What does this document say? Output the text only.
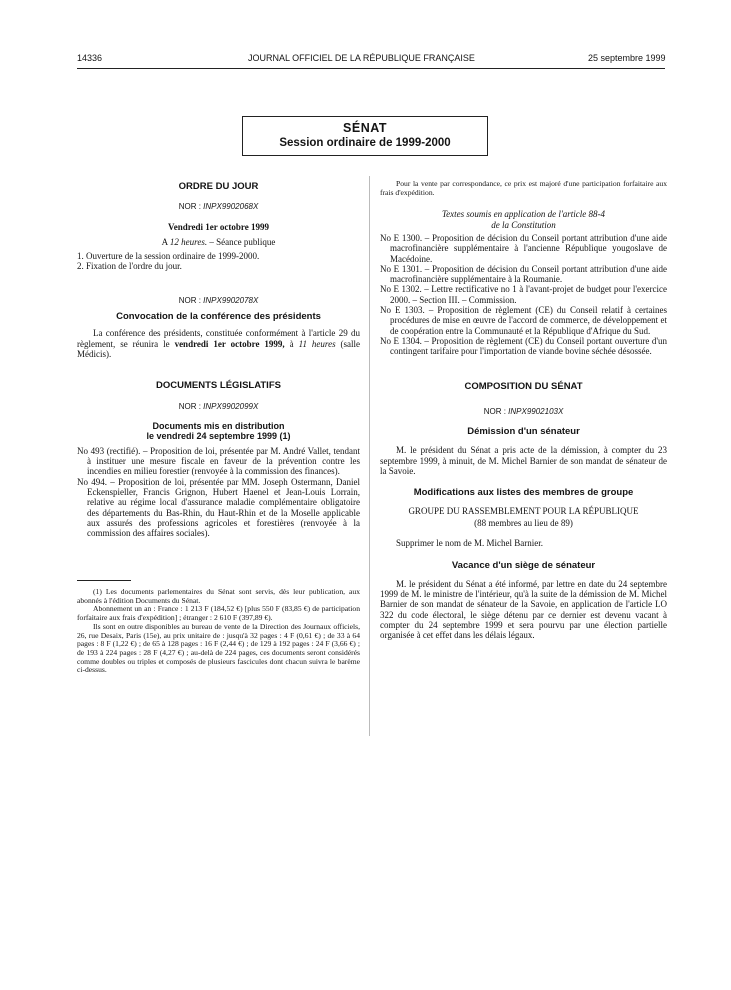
14336	JOURNAL OFFICIEL DE LA RÉPUBLIQUE FRANÇAISE	25 septembre 1999
SÉNAT
Session ordinaire de 1999-2000
ORDRE DU JOUR
NOR : INPX9902068X
Vendredi 1er octobre 1999
A 12 heures. – Séance publique
1. Ouverture de la session ordinaire de 1999-2000.
2. Fixation de l'ordre du jour.
NOR : INPX9902078X
Convocation de la conférence des présidents

La conférence des présidents, constituée conformément à l'article 29 du règlement, se réunira le vendredi 1er octobre 1999, à 11 heures (salle Médicis).

DOCUMENTS LÉGISLATIFS
NOR : INPX9902099X
Documents mis en distribution
le vendredi 24 septembre 1999 (1)

No 493 (rectifié). – Proposition de loi, présentée par M. André Vallet, tendant à instituer une mesure fiscale en faveur de la prévention contre les incendies en milieu forestier (renvoyée à la commission des finances).

No 494. – Proposition de loi, présentée par MM. Joseph Ostermann, Daniel Eckenspieller, Francis Grignon, Hubert Haenel et Jean-Louis Lorrain, relative au régime local d'assurance maladie complémentaire obligatoire des départements du Bas-Rhin, du Haut-Rhin et de la Moselle applicable aux assurés des professions agricoles et forestières (renvoyée à la commission des affaires sociales).

(1) Les documents parlementaires du Sénat sont servis, dès leur publication, aux abonnés à l'édition Documents du Sénat.

Abonnement un an : France : 1 213 F (184,52 €) [plus 550 F (83,85 €) de participation forfaitaire aux frais d'expédition] ; étranger : 2 610 F (397,89 €).

Ils sont en outre disponibles au bureau de vente de la Direction des Journaux officiels, 26, rue Desaix, Paris (15e), au prix unitaire de : jusqu'à 32 pages : 4 F (0,61 €) ; de 33 à 64 pages : 8 F (1,22 €) ; de 65 à 128 pages : 16 F (2,44 €) ; de 129 à 192 pages : 24 F (3,66 €) ; de 193 à 224 pages : 28 F (4,27 €) ; au-delà de 224 pages, ces documents seront considérés comme doubles ou triples et composés de plusieurs fascicules dont chacun suivra le barème ci-dessus.

Pour la vente par correspondance, ce prix est majoré d'une participation forfaitaire aux frais d'expédition.

Textes soumis en application de l'article 88-4
de la Constitution

No E 1300. – Proposition de décision du Conseil portant attribution d'une aide macrofinancière supplémentaire à l'ancienne République yougoslave de Macédoine.

No E 1301. – Proposition de décision du Conseil portant attribution d'une aide macrofinancière supplémentaire à la Roumanie.

No E 1302. – Lettre rectificative no 1 à l'avant-projet de budget pour l'exercice 2000. – Section III. – Commission.

No E 1303. – Proposition de règlement (CE) du Conseil relatif à certaines procédures de mise en œuvre de l'accord de commerce, de développement et de coopération entre la Communauté et la République d'Afrique du Sud.

No E 1304. – Proposition de règlement (CE) du Conseil portant ouverture d'un contingent tarifaire pour l'importation de viande bovine séchée désossée.

COMPOSITION DU SÉNAT
NOR : INPX9902103X
Démission d'un sénateur

M. le président du Sénat a pris acte de la démission, à compter du 23 septembre 1999, à minuit, de M. Michel Barnier de son mandat de sénateur de la Savoie.

Modifications aux listes des membres de groupe
GROUPE DU RASSEMBLEMENT POUR LA RÉPUBLIQUE
(88 membres au lieu de 89)

Supprimer le nom de M. Michel Barnier.

Vacance d'un siège de sénateur

M. le président du Sénat a été informé, par lettre en date du 24 septembre 1999 de M. le ministre de l'intérieur, qu'à la suite de la démission de M. Michel Barnier de son mandat de sénateur de la Savoie, en application de l'article LO 322 du code électoral, le siège détenu par ce dernier est devenu vacant à compter du 24 septembre 1999 et sera pourvu par une élection partielle organisée à cet effet dans les délais légaux.
